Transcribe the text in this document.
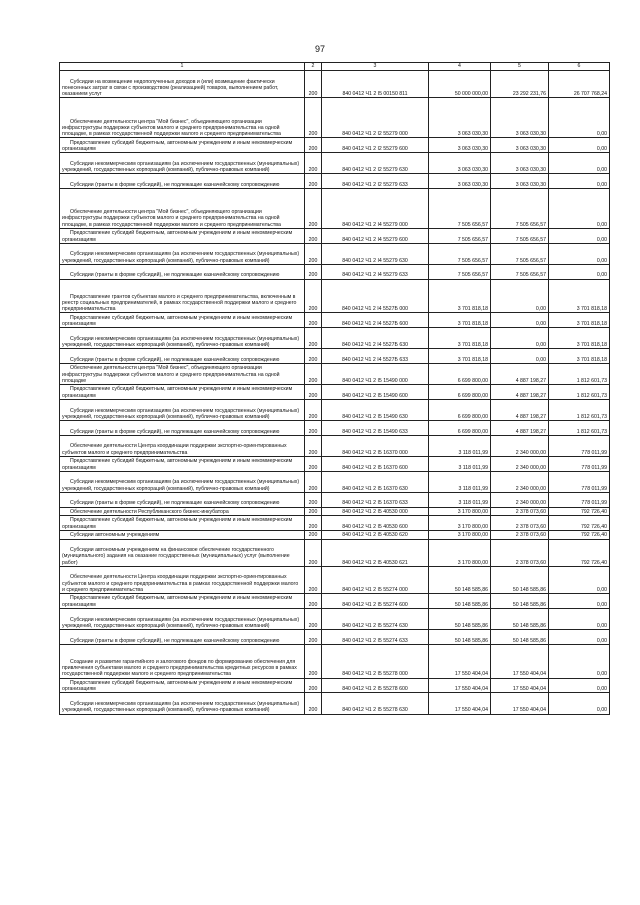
97
1	2	3	4	5	6
Субсидии на возмещение недополученных доходов и (или) возмещение фактически понесенных затрат в связи с производством (реализацией) товаров, выполнением работ, оказанием услуг	200	840 0412 Ч1 2 I5 00150 811	50 000 000,00	23 292 231,76	26 707 768,24
Обеспечение деятельности центра "Мой бизнес", объединяющего организации инфраструктуры поддержки субъектов малого и среднего предпринимательства на одной площадке, в рамках государственной поддержки малого и среднего предпринимательства	200	840 0412 Ч1 2 I2 55279 000	3 063 030,30	3 063 030,30	0,00
Предоставление субсидий бюджетным, автономным учреждениям и иным некоммерческим организациям	200	840 0412 Ч1 2 I2 55279 600	3 063 030,30	3 063 030,30	0,00
Субсидии некоммерческим организациям (за исключением государственных (муниципальных) учреждений, государственных корпораций (компаний), публично-правовых компаний)	200	840 0412 Ч1 2 I2 55279 630	3 063 030,30	3 063 030,30	0,00
Субсидии (гранты в форме субсидий), не подлежащие казначейскому сопровождению	200	840 0412 Ч1 2 I2 55279 633	3 063 030,30	3 063 030,30	0,00
Обеспечение деятельности центра "Мой бизнес", объединяющего организации инфраструктуры поддержки субъектов малого и среднего предпринимательства на одной площадке, в рамках государственной поддержки малого и среднего предпринимательства	200	840 0412 Ч1 2 I4 55279 000	7 505 656,57	7 505 656,57	0,00
Предоставление субсидий бюджетным, автономным учреждениям и иным некоммерческим организациям	200	840 0412 Ч1 2 I4 55279 600	7 505 656,57	7 505 656,57	0,00
Субсидии некоммерческим организациям (за исключением государственных (муниципальных) учреждений, государственных корпораций (компаний), публично-правовых компаний)	200	840 0412 Ч1 2 I4 55279 630	7 505 656,57	7 505 656,57	0,00
Субсидии (гранты в форме субсидий), не подлежащие казначейскому сопровождению	200	840 0412 Ч1 2 I4 55279 633	7 505 656,57	7 505 656,57	0,00
Предоставление грантов субъектам малого и среднего предпринимательства, включенным в реестр социальных предпринимателей, в рамках государственной поддержки малого и среднего предпринимательства	200	840 0412 Ч1 2 I4 5527Б 000	3 701 818,18	0,00	3 701 818,18
Предоставление субсидий бюджетным, автономным учреждениям и иным некоммерческим организациям	200	840 0412 Ч1 2 I4 5527Б 600	3 701 818,18	0,00	3 701 818,18
Субсидии некоммерческим организациям (за исключением государственных (муниципальных) учреждений, государственных корпораций (компаний), публично-правовых компаний)	200	840 0412 Ч1 2 I4 5527Б 630	3 701 818,18	0,00	3 701 818,18
Субсидии (гранты в форме субсидий), не подлежащие казначейскому сопровождению	200	840 0412 Ч1 2 I4 5527Б 633	3 701 818,18	0,00	3 701 818,18
Обеспечение деятельности центра "Мой бизнес", объединяющего организации инфраструктуры поддержки субъектов малого и среднего предпринимательства на одной площадке	200	840 0412 Ч1 2 I5 15490 000	6 699 800,00	4 887 198,27	1 812 601,73
Предоставление субсидий бюджетным, автономным учреждениям и иным некоммерческим организациям	200	840 0412 Ч1 2 I5 15490 600	6 699 800,00	4 887 198,27	1 812 601,73
Субсидии некоммерческим организациям (за исключением государственных (муниципальных) учреждений, государственных корпораций (компаний), публично-правовых компаний)	200	840 0412 Ч1 2 I5 15490 630	6 699 800,00	4 887 198,27	1 812 601,73
Субсидии (гранты в форме субсидий), не подлежащие казначейскому сопровождению	200	840 0412 Ч1 2 I5 15490 633	6 699 800,00	4 887 198,27	1 812 601,73
Обеспечение деятельности Центра координации поддержки экспортно-ориентированных субъектов малого и среднего предпринимательства	200	840 0412 Ч1 2 I5 16370 000	3 118 011,99	2 340 000,00	778 011,99
Предоставление субсидий бюджетным, автономным учреждениям и иным некоммерческим организациям	200	840 0412 Ч1 2 I5 16370 600	3 118 011,99	2 340 000,00	778 011,99
Субсидии некоммерческим организациям (за исключением государственных (муниципальных) учреждений, государственных корпораций (компаний), публично-правовых компаний)	200	840 0412 Ч1 2 I5 16370 630	3 118 011,99	2 340 000,00	778 011,99
Субсидии (гранты в форме субсидий), не подлежащие казначейскому сопровождению	200	840 0412 Ч1 2 I5 16370 633	3 118 011,99	2 340 000,00	778 011,99
Обеспечение деятельности Республиканского бизнес-инкубатора	200	840 0412 Ч1 2 I5 40530 000	3 170 800,00	2 378 073,60	792 726,40
Предоставление субсидий бюджетным, автономным учреждениям и иным некоммерческим организациям	200	840 0412 Ч1 2 I5 40530 600	3 170 800,00	2 378 073,60	792 726,40
Субсидии автономным учреждениям	200	840 0412 Ч1 2 I5 40530 620	3 170 800,00	2 378 073,60	792 726,40
Субсидии автономным учреждениям на финансовое обеспечение государственного (муниципального) задания на оказание государственных (муниципальных) услуг (выполнение работ)	200	840 0412 Ч1 2 I5 40530 621	3 170 800,00	2 378 073,60	792 726,40
Обеспечение деятельности Центра координации поддержки экспортно-ориентированных субъектов малого и среднего предпринимательства в рамках государственной поддержки малого и среднего предпринимательства	200	840 0412 Ч1 2 I5 55274 000	50 148 585,86	50 148 585,86	0,00
Предоставление субсидий бюджетным, автономным учреждениям и иным некоммерческим организациям	200	840 0412 Ч1 2 I5 55274 600	50 148 585,86	50 148 585,86	0,00
Субсидии некоммерческим организациям (за исключением государственных (муниципальных) учреждений, государственных корпораций (компаний), публично-правовых компаний)	200	840 0412 Ч1 2 I5 55274 630	50 148 585,86	50 148 585,86	0,00
Субсидии (гранты в форме субсидий), не подлежащие казначейскому сопровождению	200	840 0412 Ч1 2 I5 55274 633	50 148 585,86	50 148 585,86	0,00
Создание и развитие гарантийного и залогового фондов по формированию обеспечения для привлечения субъектами малого и среднего предпринимательства кредитных ресурсов в рамках государственной поддержки малого и среднего предпринимательства	200	840 0412 Ч1 2 I5 55278 000	17 550 404,04	17 550 404,04	0,00
Предоставление субсидий бюджетным, автономным учреждениям и иным некоммерческим организациям	200	840 0412 Ч1 2 I5 55278 600	17 550 404,04	17 550 404,04	0,00
Субсидии некоммерческим организациям (за исключением государственных (муниципальных) учреждений, государственных корпораций (компаний), публично-правовых компаний)	200	840 0412 Ч1 2 I5 55278 630	17 550 404,04	17 550 404,04	0,00
